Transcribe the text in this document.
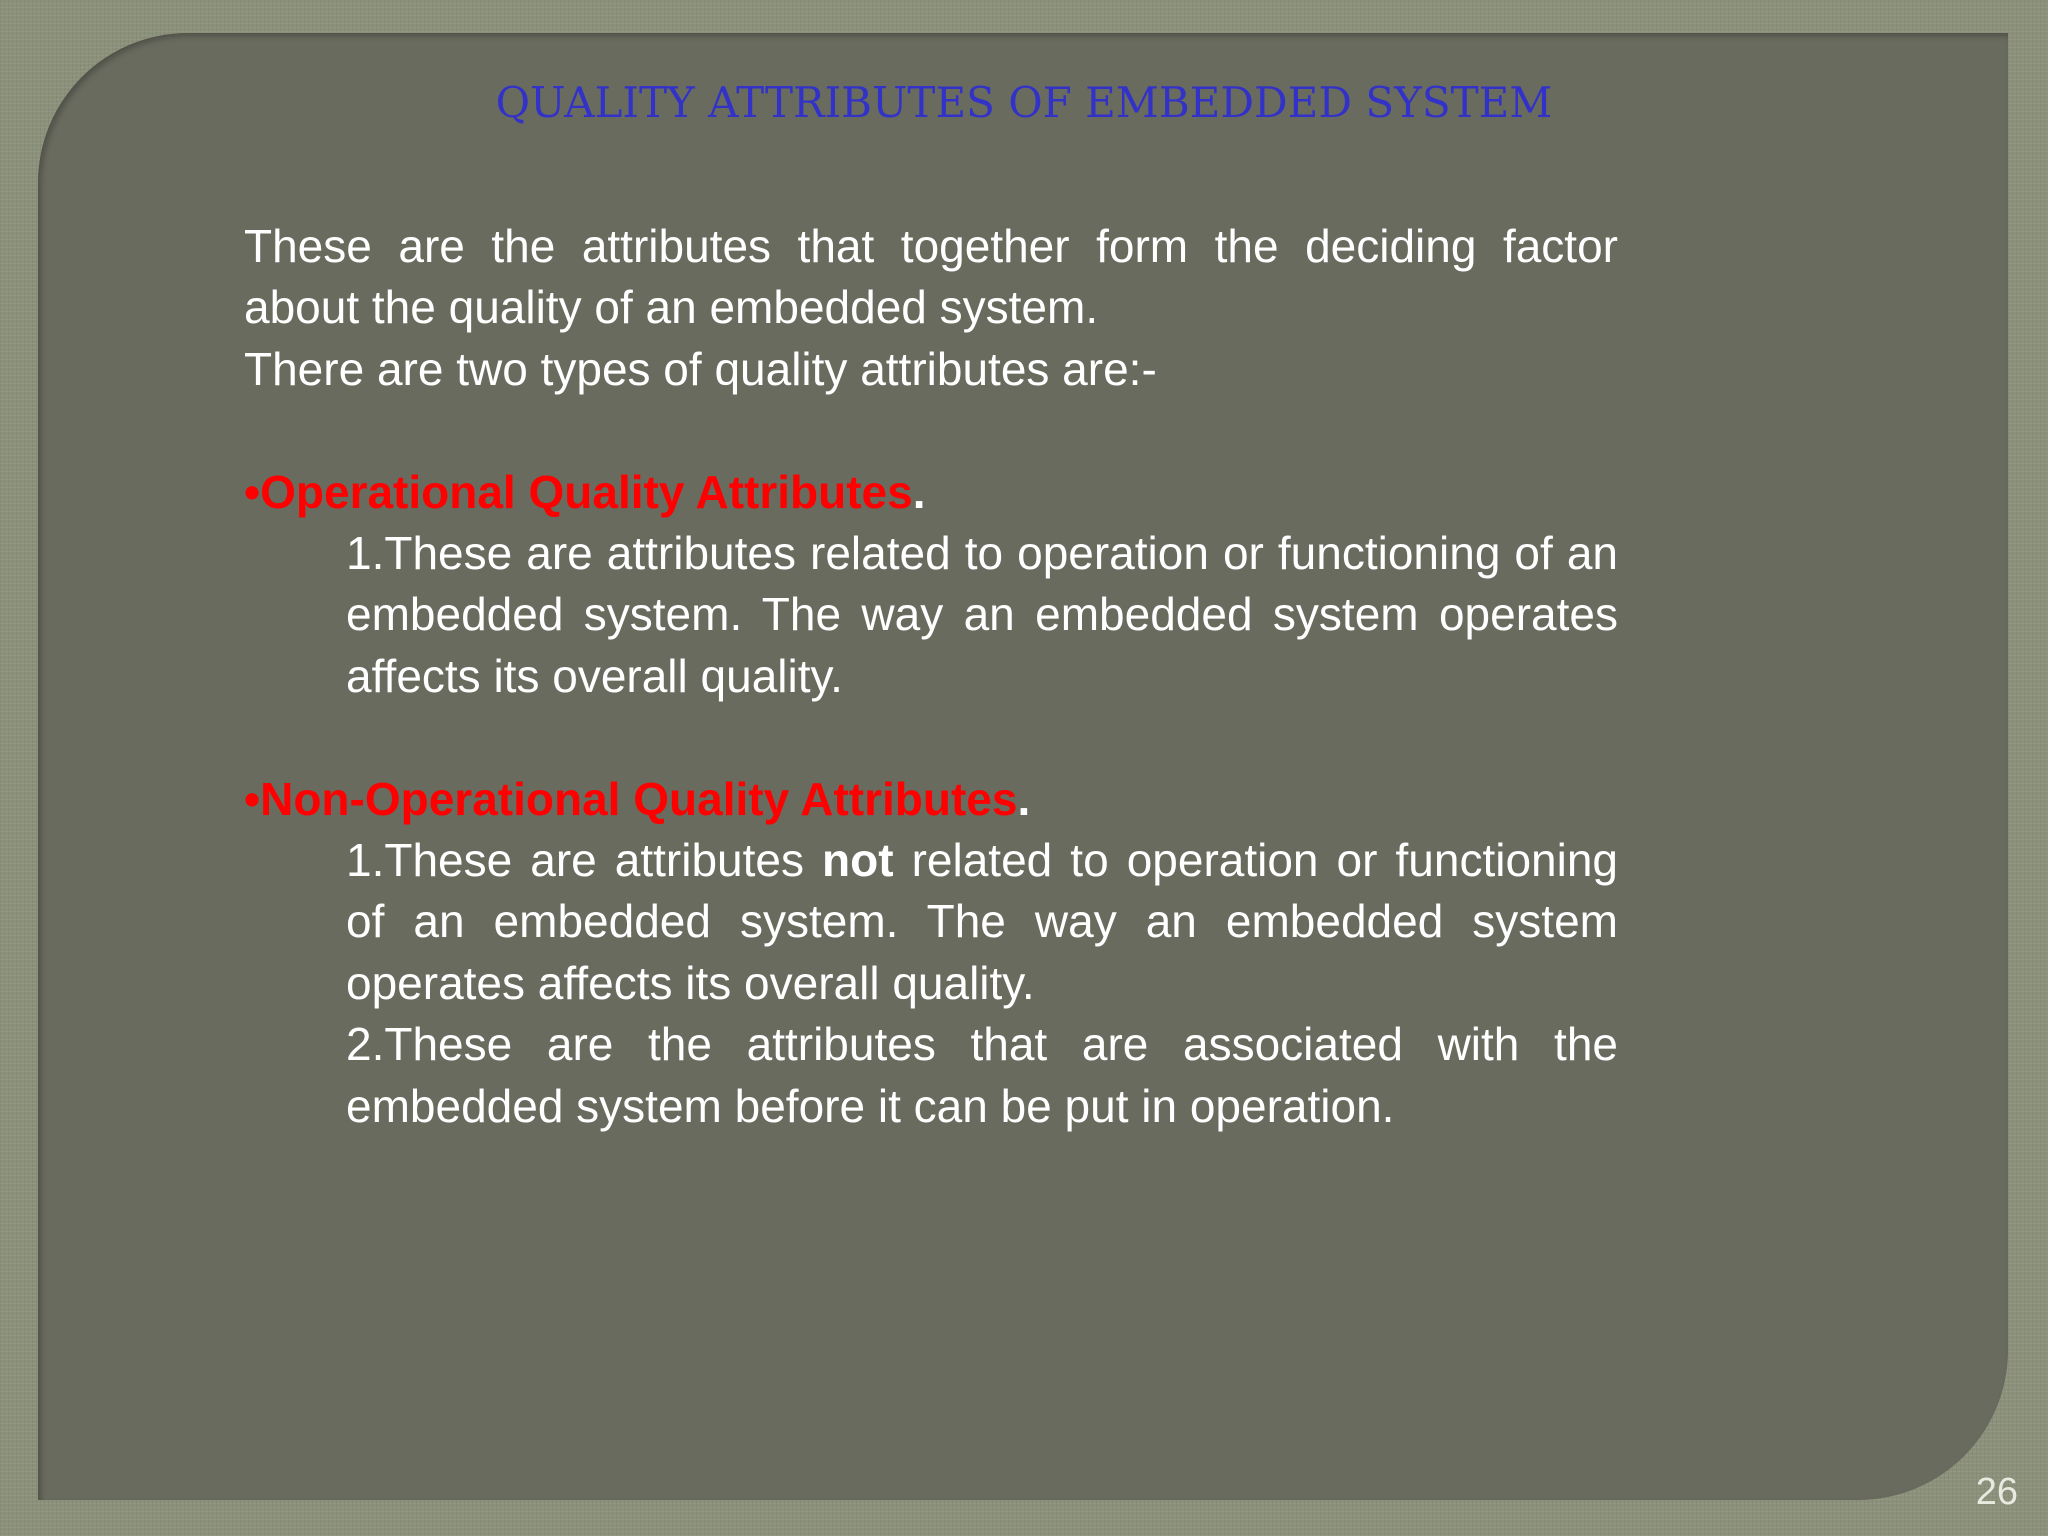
QUALITY ATTRIBUTES OF EMBEDDED SYSTEM

These are the attributes that together form the deciding factor about the quality of an embedded system.

There are two types of quality attributes are:-

•Operational Quality Attributes.

1.These are attributes related to operation or functioning of an embedded system. The way an embedded system operates affects its overall quality.

•Non-Operational Quality Attributes.

1.These are attributes not related to operation or functioning of an embedded system. The way an embedded system operates affects its overall quality.

2.These are the attributes that are associated with the embedded system before it can be put in operation.

26
